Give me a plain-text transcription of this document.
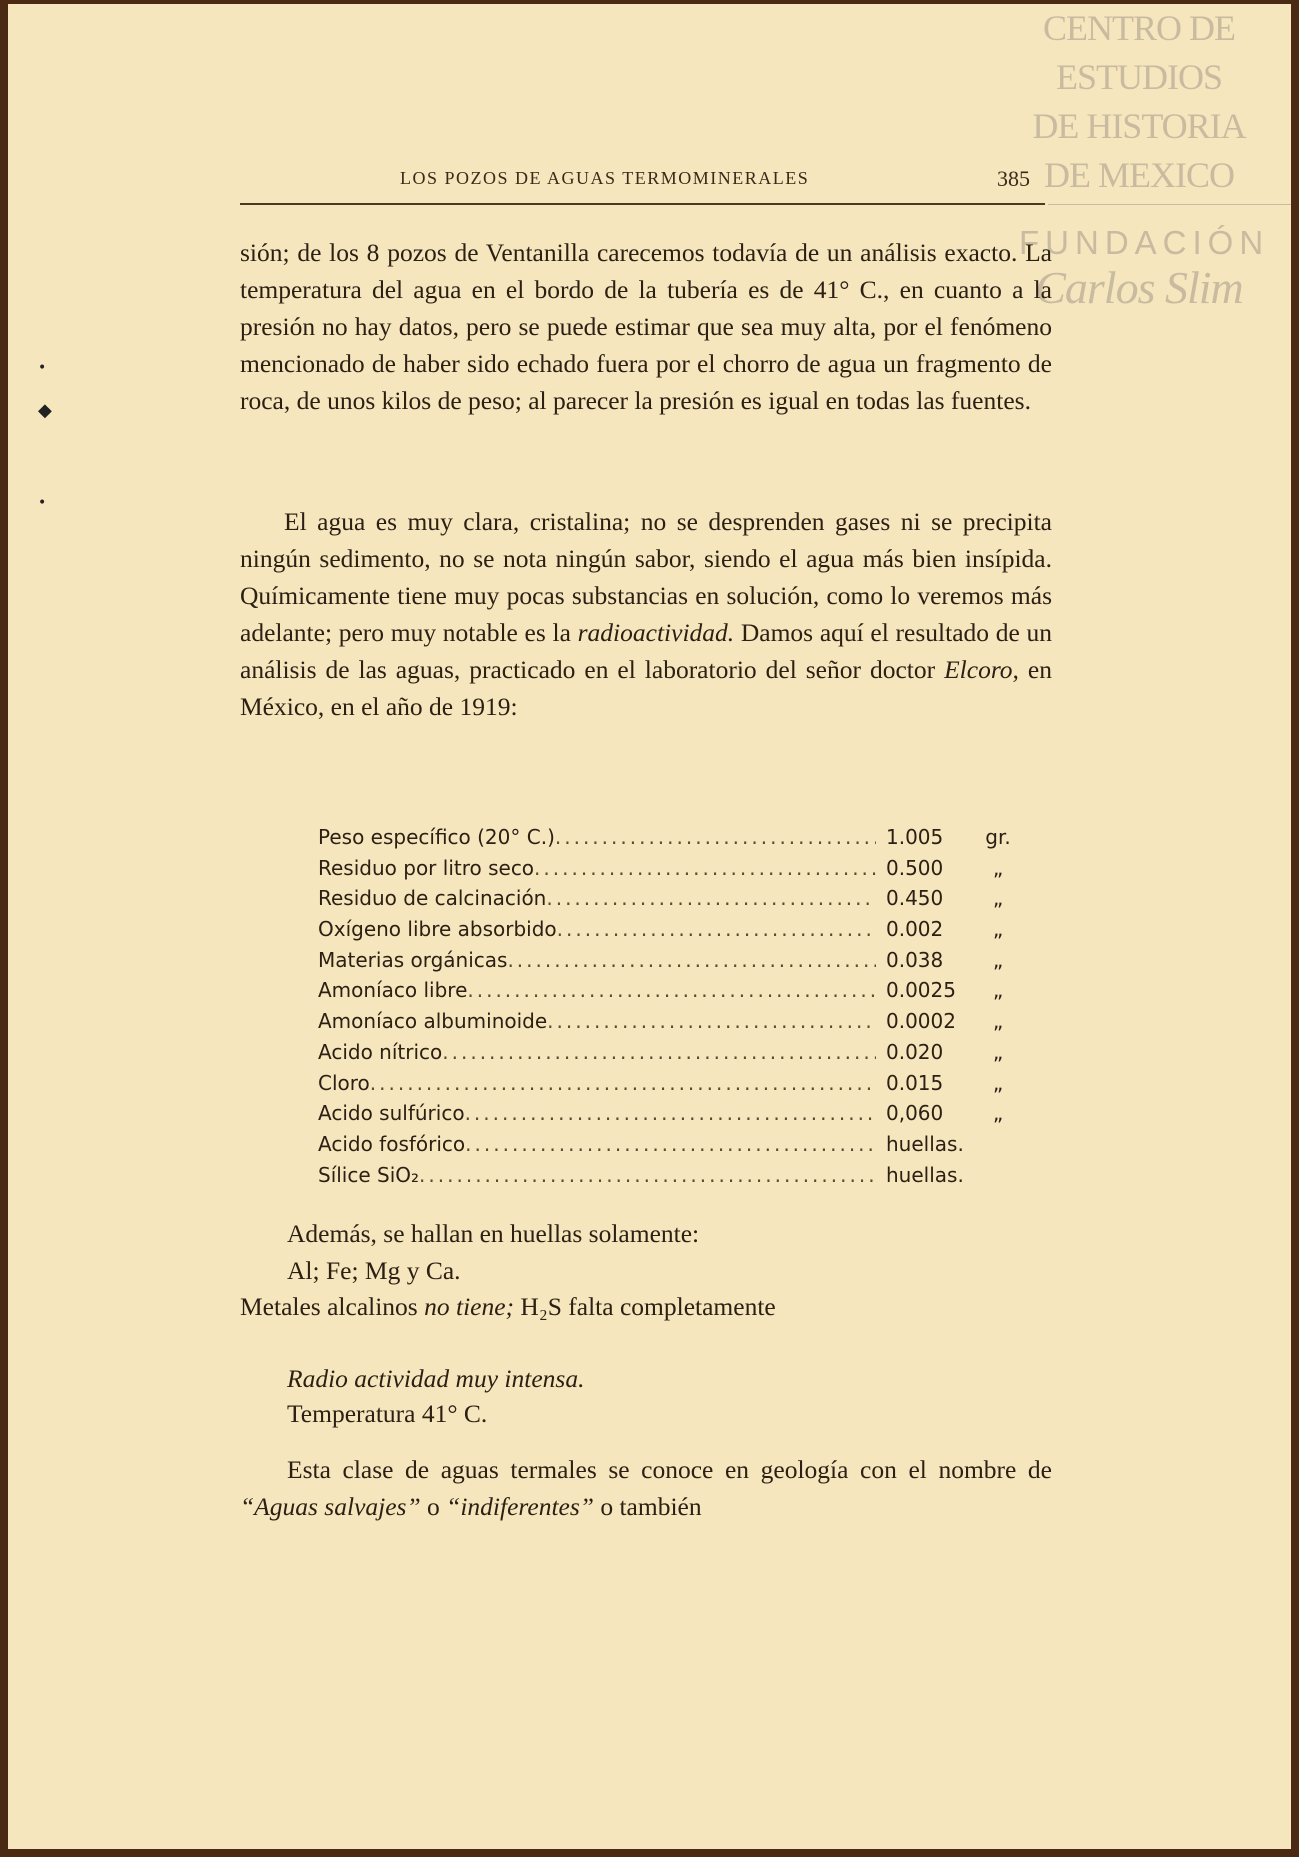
CENTRO DE
ESTUDIOS
DE HISTORIA
DE MEXICO
FUNDACIÓN
Carlos Slim
LOS POZOS DE AGUAS TERMOMINERALES	385
sión; de los 8 pozos de Ventanilla carecemos todavía de un análisis exacto. La temperatura del agua en el bordo de la tubería es de 41° C., en cuanto a la presión no hay datos, pero se puede estimar que sea muy alta, por el fenómeno mencionado de haber sido echado fuera por el chorro de agua un fragmento de roca, de unos kilos de peso; al parecer la presión es igual en todas las fuentes.
El agua es muy clara, cristalina; no se desprenden gases ni se precipita ningún sedimento, no se nota ningún sabor, siendo el agua más bien insípida. Químicamente tiene muy pocas substancias en solución, como lo veremos más adelante; pero muy notable es la radioactividad. Damos aquí el resultado de un análisis de las aguas, practicado en el laboratorio del señor doctor Elcoro, en México, en el año de 1919:
Peso específico (20° C.) .....	1.005	gr.
Residuo por litro seco .....	0.500	„
Residuo de calcinación .....	0.450	„
Oxígeno libre absorbido .....	0.002	„
Materias orgánicas .....	0.038	„
Amoníaco libre .....	0.0025	„
Amoníaco albuminoide .....	0.0002	„
Acido nítrico .....	0.020	„
Cloro .....	0.015	„
Acido sulfúrico .....	0,060	„
Acido fosfórico .....	huellas.
Sílice SiO₂ .....	huellas.
Además, se hallan en huellas solamente:
Al; Fe; Mg y Ca.
Metales alcalinos no tiene; H₂S falta completamente
Radio actividad muy intensa.
Temperatura 41° C.
Esta clase de aguas termales se conoce en geología con el nombre de “Aguas salvajes” o “indiferentes” o también
•
◆
•
